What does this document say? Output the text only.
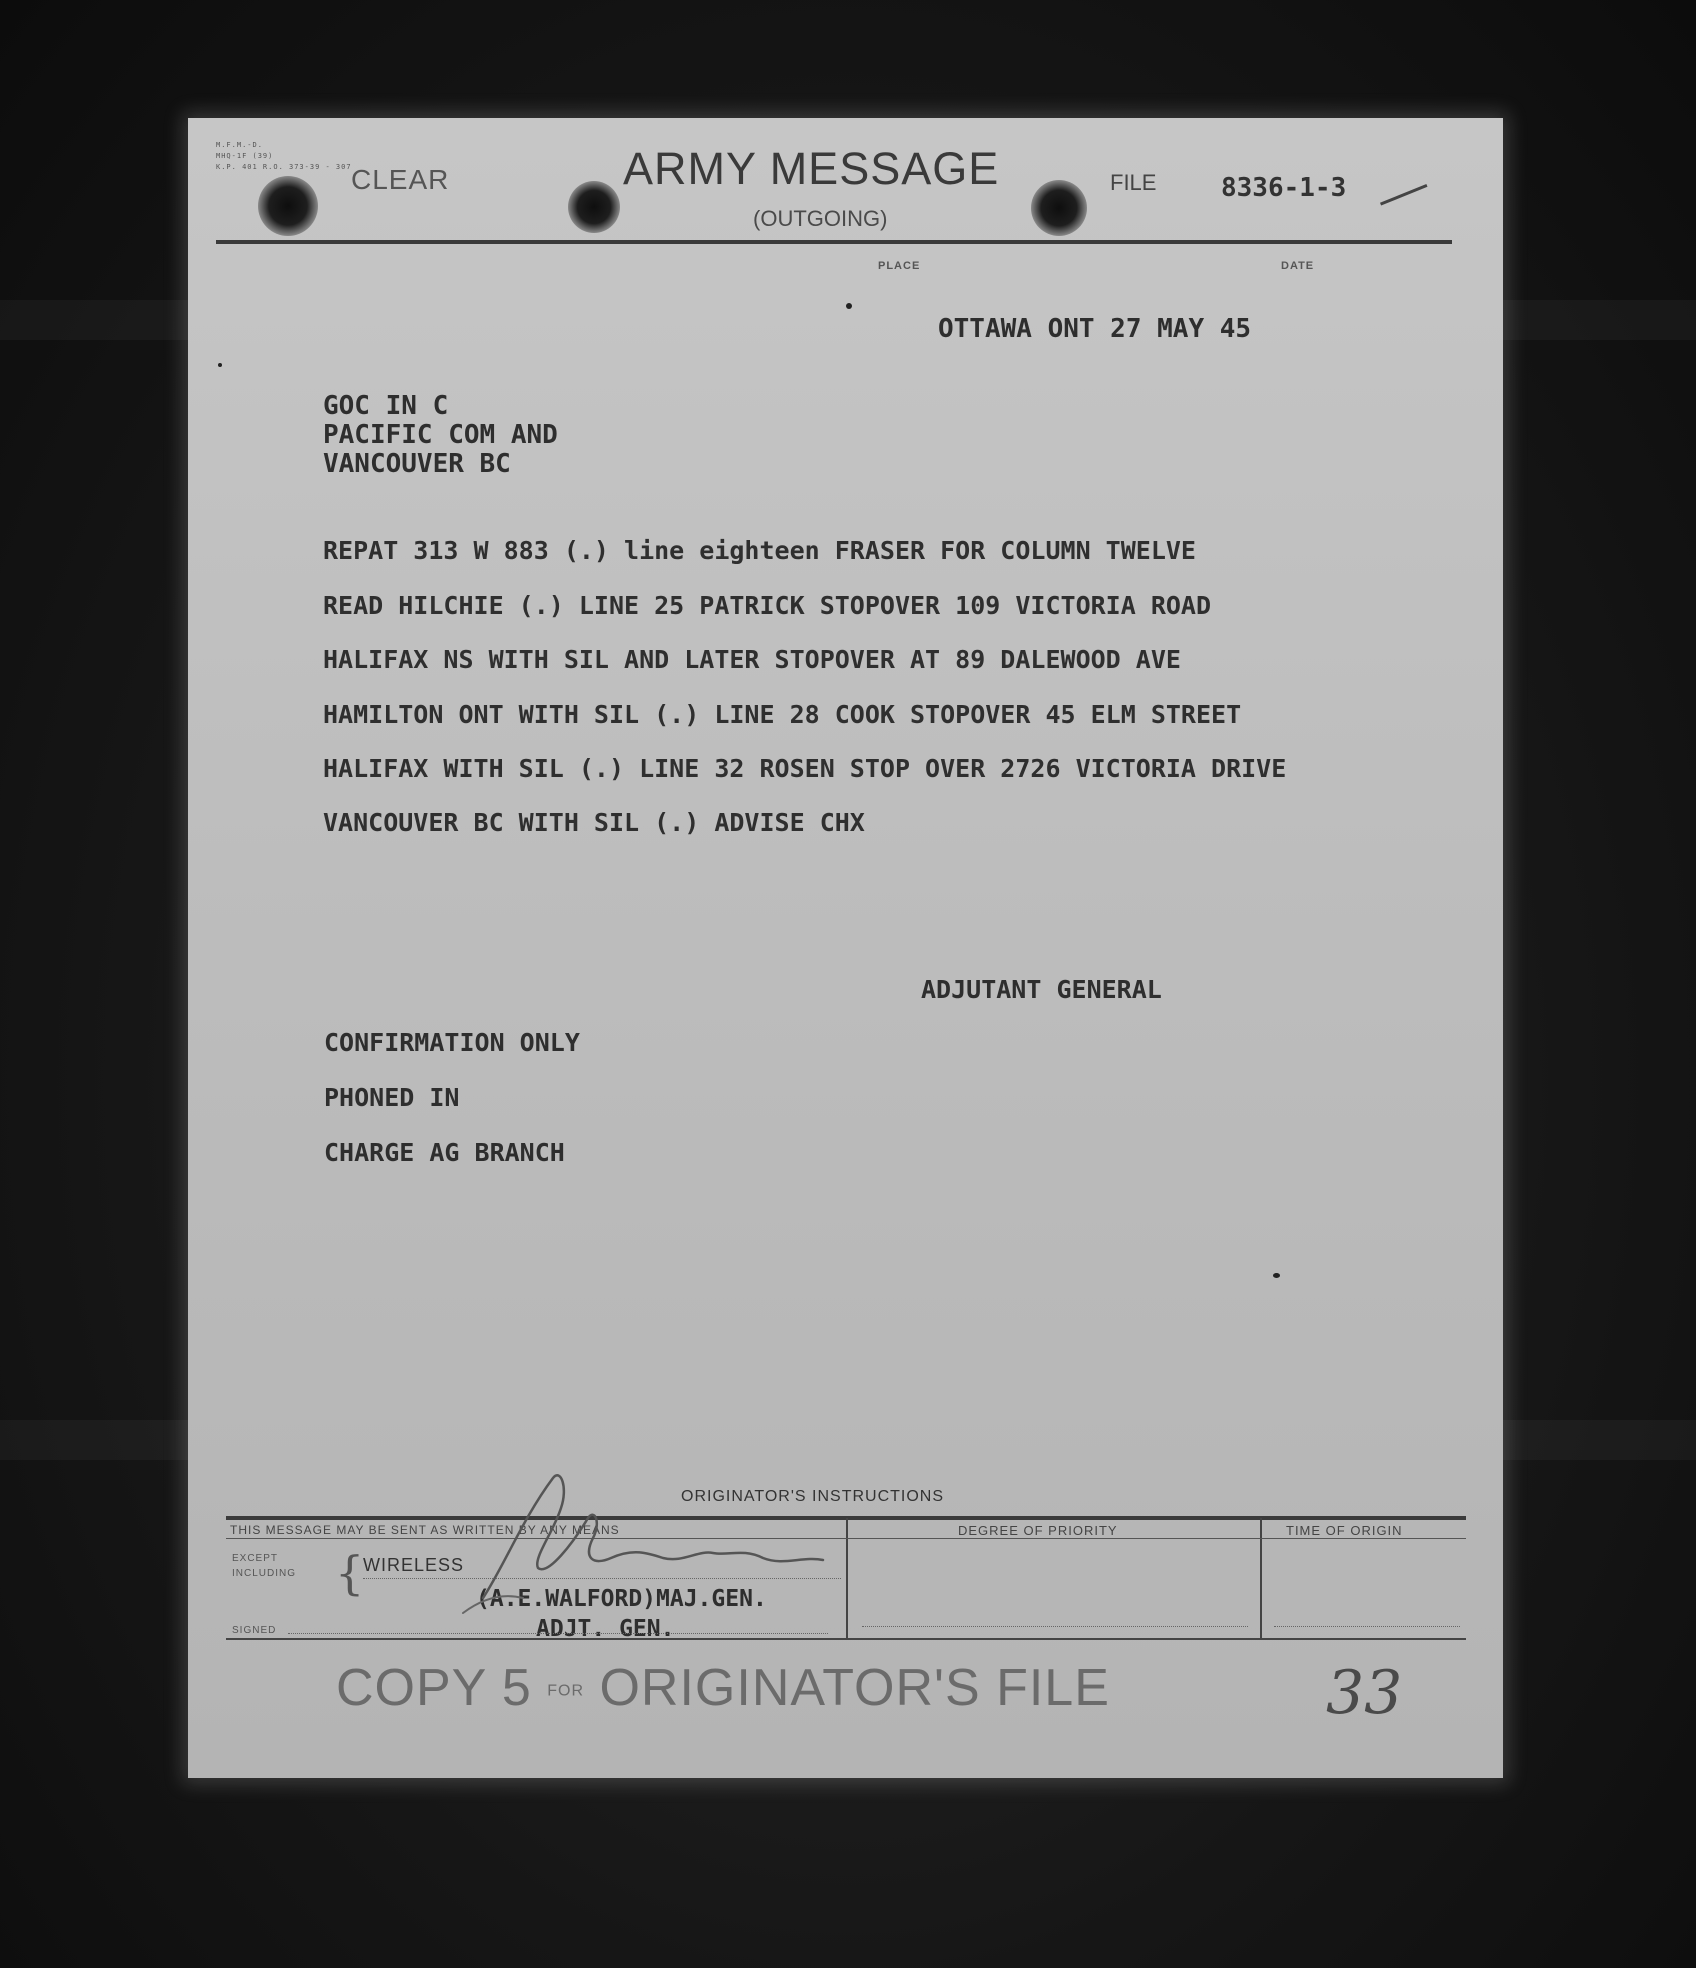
M.F.M.-D.
MHQ-1F (39)
K.P. 401 R.O. 373-39 - 307 CLEAR	ARMY MESSAGE
(OUTGOING)
FILE 8336-1-3
PLACE	DATE
OTTAWA ONT 27 MAY 45
GOC IN C
PACIFIC COM AND
VANCOUVER BC
REPAT 313 W 883 (.) line eighteen FRASER FOR COLUMN TWELVE
READ HILCHIE (.) LINE 25 PATRICK STOPOVER 109 VICTORIA ROAD
HALIFAX NS WITH SIL AND LATER STOPOVER AT 89 DALEWOOD AVE
HAMILTON ONT WITH SIL (.) LINE 28 COOK STOPOVER 45 ELM STREET
HALIFAX WITH SIL (.) LINE 32 ROSEN STOP OVER 2726 VICTORIA DRIVE
VANCOUVER BC WITH SIL (.) ADVISE CHX
ADJUTANT GENERAL
CONFIRMATION ONLY
PHONED IN
CHARGE AG BRANCH
ORIGINATOR'S INSTRUCTIONS
THIS MESSAGE MAY BE SENT AS WRITTEN BY ANY MEANS	DEGREE OF PRIORITY	TIME OF ORIGIN
EXCEPT
INCLUDING {
WIRELESS
(A.E.WALFORD)MAJ.GEN.
ADJT. GEN.
SIGNED
COPY 5 FOR ORIGINATOR'S FILE	33
